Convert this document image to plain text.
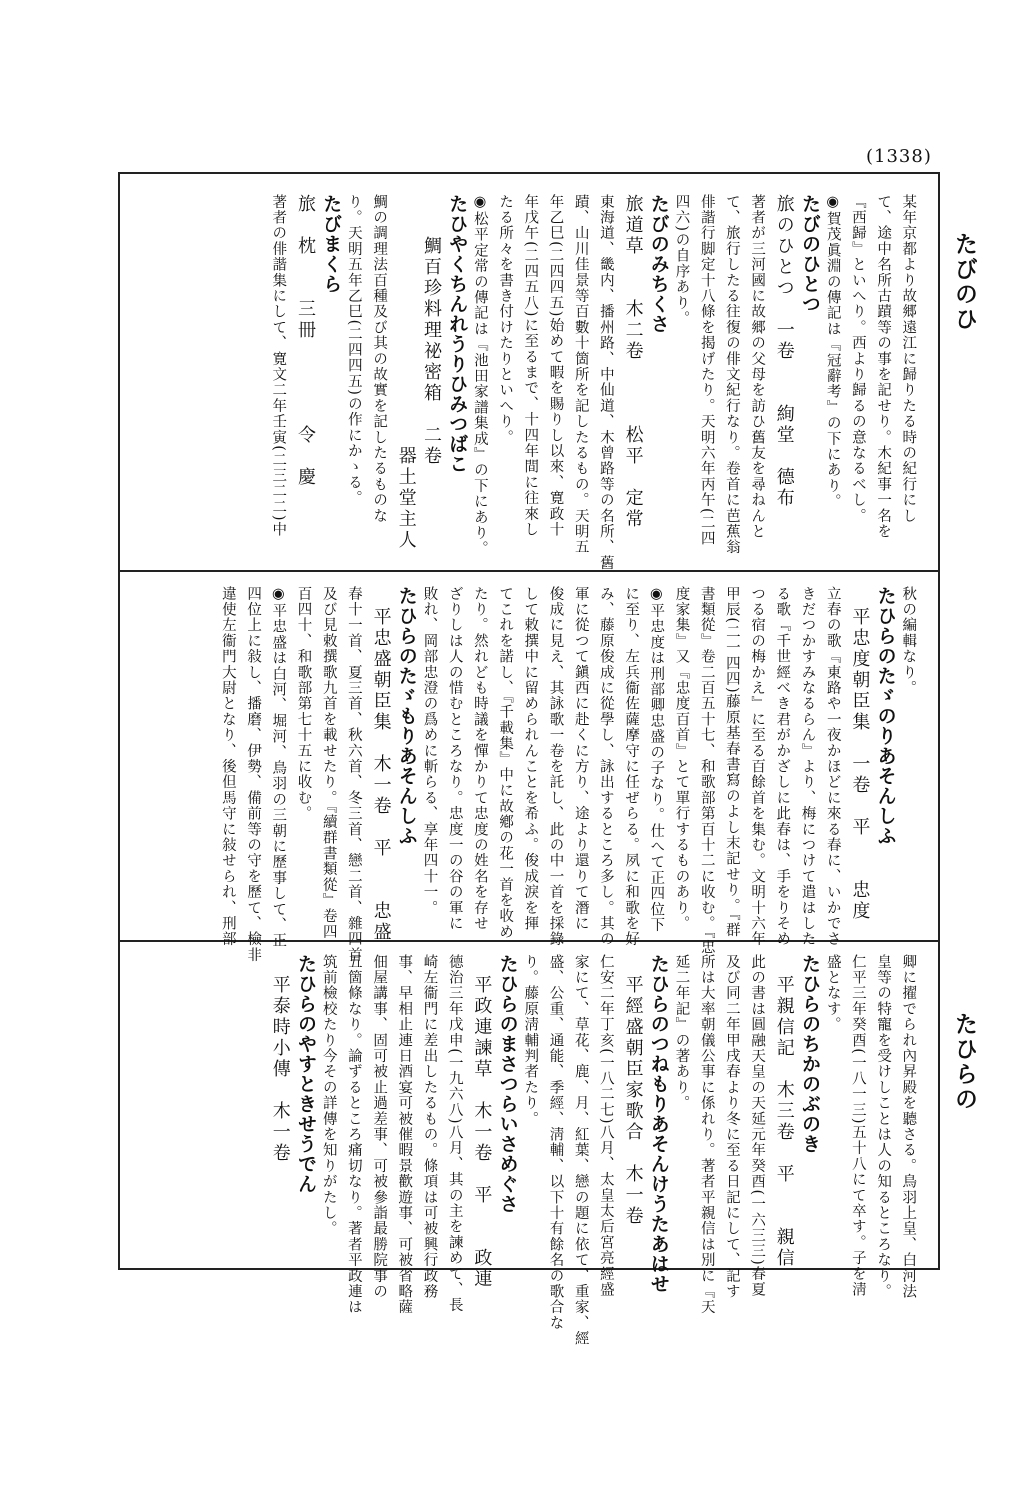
(1338)
たびのひ
たひらの
某年京都より故郷遠江に歸りたる時の紀行にし
て、途中名所古蹟等の事を記せり。木紀事一名を
『西歸』といへり。西より歸るの意なるべし。
◉賀茂眞淵の傳記は『冠辭考』の下にあり。
たびのひとつ
旅のひとつ　一卷　　絢堂　德布
著者が三河國に故郷の父母を訪ひ舊友を尋ねんと
て、旅行したる往復の俳文紀行なり。卷首に芭蕉翁
俳諧行脚定十八條を揭げたり。天明六年丙午(二四
四六)の自序あり。
たびのみちくさ
旅道草　　木二卷　　　松平　定常
東海道、畿内、播州路、中仙道、木曾路等の名所、舊
蹟、山川佳景等百數十箇所を記したるもの。天明五
年乙巳(二四四五)始めて暇を賜りし以來、寛政十
年戊午(二四五八)に至るまで、十四年間に往來し
たる所々を書き付けたりといへり。
◉松平定常の傳記は『池田家譜集成』の下にあり。
たひやくちんれうりひみつばこ
　　鯛百珍料理祕密箱　二卷
　　　　　　　　　　　　器土堂主人
鯛の調理法百種及び其の故實を記したるものな
り。天明五年乙巳(二四四五)の作にかゝる。
たびまくら
旅　枕　　三冊　　　　令　慶
著者の俳諧集にして、寛文二年壬寅(二三二二)中
秋の編輯なり。
たひらのたゞのりあそんしふ
　平忠度朝臣集　一卷　平　　忠度
立春の歌『東路や一夜かほどに來る春に、いかでさ
きだつかすみなるらん』より、梅につけて遣はした
る歌『千世經べき君がかざしに此春は、手をりそめ
つる宿の梅かえ』に至る百餘首を集む。文明十六年
甲辰(二一四四)藤原基春書寫のよし末記せり。『群
書類從』卷二百五十七、和歌部第百十二に收む。『忠
度家集』又『忠度百首』とて單行するものあり。
◉平忠度は刑部卿忠盛の子なり。仕へて正四位下
に至り、左兵衞佐薩摩守に任ぜらる。夙に和歌を好
み、藤原俊成に從學し、詠出するところ多し。其の
軍に從つて鎭西に赴くに方り、途より還りて潛に
俊成に見え、其詠歌一卷を託し、此の中一首を採錄
して敕撰中に留められんことを希ふ。俊成淚を揮
てこれを諾し、『千載集』中に故鄕の花一首を收め
たり。然れども時議を憚かりて忠度の姓名を存せ
ざりしは人の惜むところなり。忠度一の谷の軍に
敗れ、岡部忠澄の爲めに斬らる、享年四十一。
たひらのたゞもりあそんしふ
　平忠盛朝臣集　木一卷　平　　忠盛
春十一首、夏三首、秋六首、冬三首、戀二首、雜四首
及び見敕撰歌九首を載せたり。『續群書類從』卷四
百四十、和歌部第七十五に收む。
◉平忠盛は白河、堀河、鳥羽の三朝に歷事して、正
四位上に敍し、播磨、伊勢、備前等の守を歷て、檢非
違使左衞門大尉となり、後但馬守に敍せられ、刑部
卿に擢でられ內昇殿を聽さる。鳥羽上皇、白河法
皇等の特寵を受けしことは人の知るところなり。
仁平三年癸酉(一八一三)五十八にて卒す。子を淸
盛となす。
たひらのちかのぶのき
　平親信記　木三卷　平　　親信
此の書は圓融天皇の天延元年癸酉(一六三三)春夏
及び同二年甲戌春より冬に至る日記にして、記す
所は大率朝儀公事に係れり。著者平親信は別に『天
延二年記』の著あり。
たひらのつねもりあそんけうたあはせ
　平經盛朝臣家歌合　木一卷
仁安二年丁亥(一八二七)八月、太皇太后宮亮經盛
家にて、草花、鹿、月、紅葉、戀の題に依て、重家、經
盛、公重、通能、季經、淸輔、以下十有餘名の歌合な
り。藤原淸輔判者たり。
たひらのまさつらいさめぐさ
　平政連諫草　木一卷　平　　政連
德治三年戊申(一九六八)八月、其の主を諫めて、長
崎左衞門に差出したるもの。條項は可被興行政務
事、早相止連日酒宴可被催暇景歡遊事、可被省略薩
佃屋講事、固可被止過差事、可被參詣最勝院事の
五箇條なり。論ずるところ痛切なり。著者平政連は
筑前檢校たり今その詳傳を知りがたし。
たひらのやすときせうでん
　平泰時小傳　木一卷
